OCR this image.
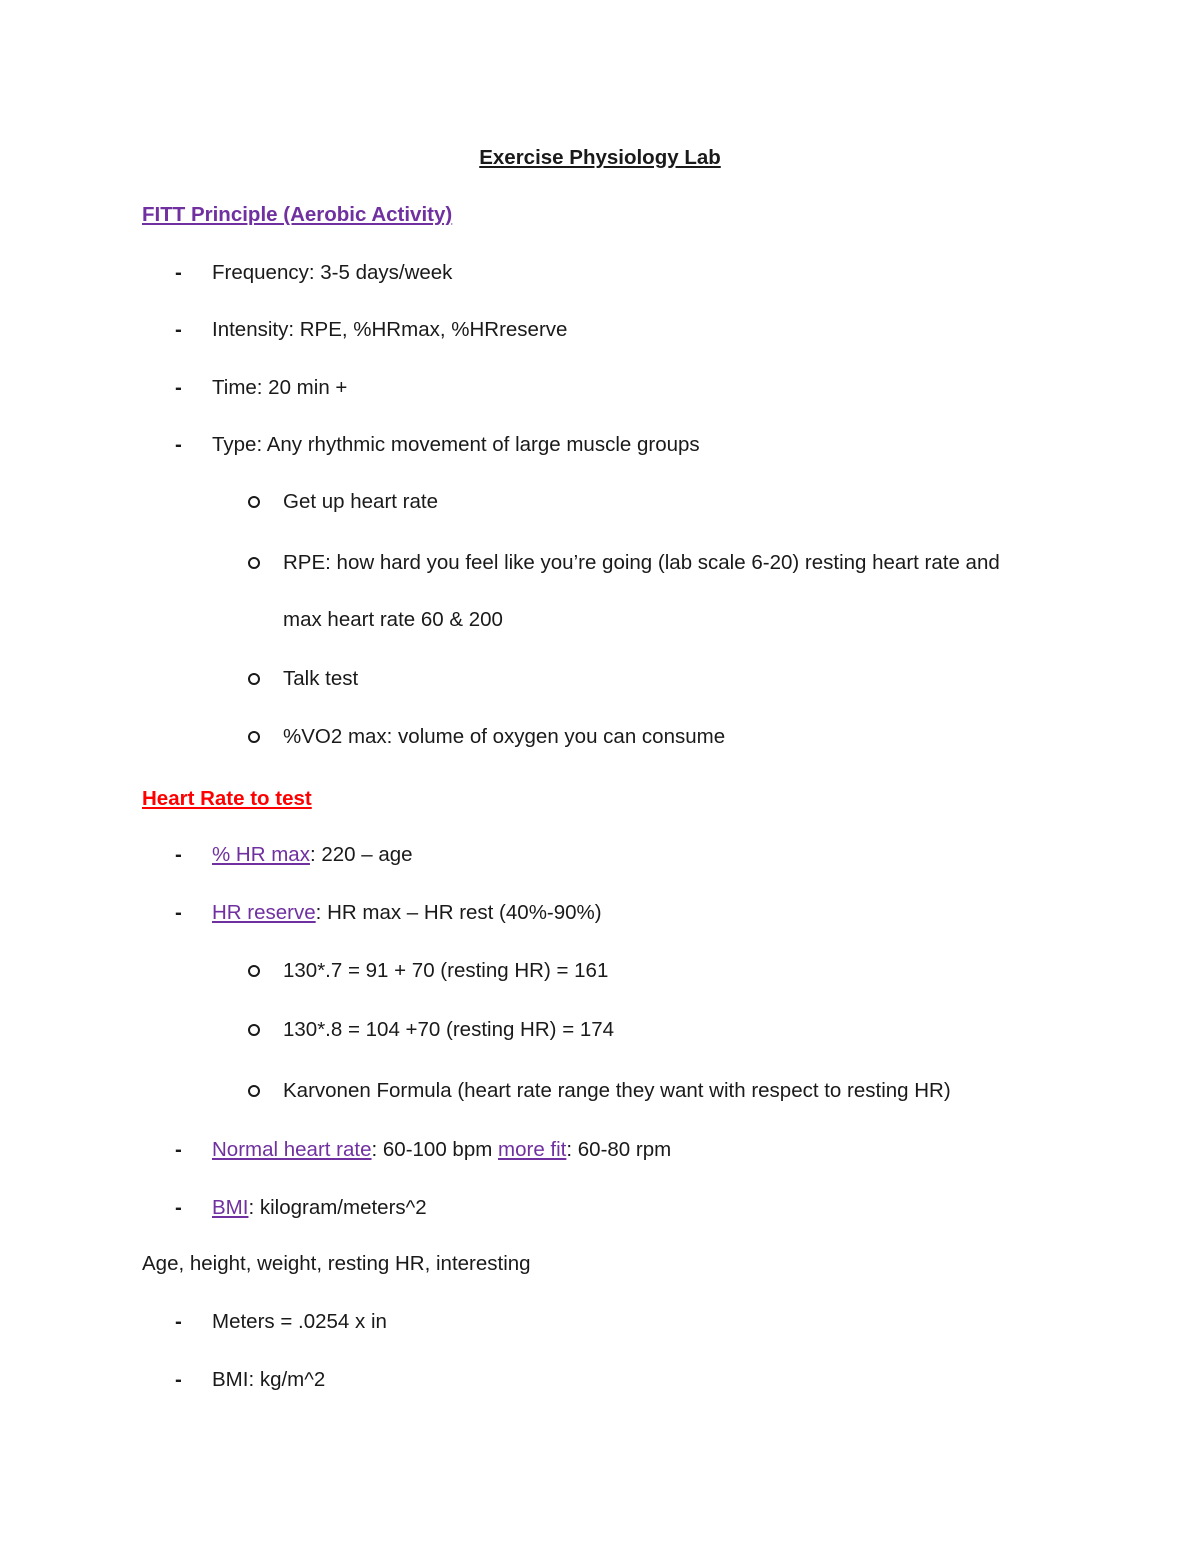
Exercise Physiology Lab
FITT Principle (Aerobic Activity)
- Frequency: 3-5 days/week
- Intensity: RPE, %HRmax, %HRreserve
- Time: 20 min +
- Type: Any rhythmic movement of large muscle groups
Get up heart rate
RPE: how hard you feel like you’re going (lab scale 6-20) resting heart rate and
max heart rate 60 & 200
Talk test
%VO2 max: volume of oxygen you can consume
Heart Rate to test
- % HR max: 220 – age
- HR reserve: HR max – HR rest (40%-90%)
130*.7 = 91 + 70 (resting HR) = 161
130*.8 = 104 +70 (resting HR) = 174
Karvonen Formula (heart rate range they want with respect to resting HR)
- Normal heart rate: 60-100 bpm more fit: 60-80 rpm
- BMI: kilogram/meters^2
Age, height, weight, resting HR, interesting
- Meters = .0254 x in
- BMI: kg/m^2
